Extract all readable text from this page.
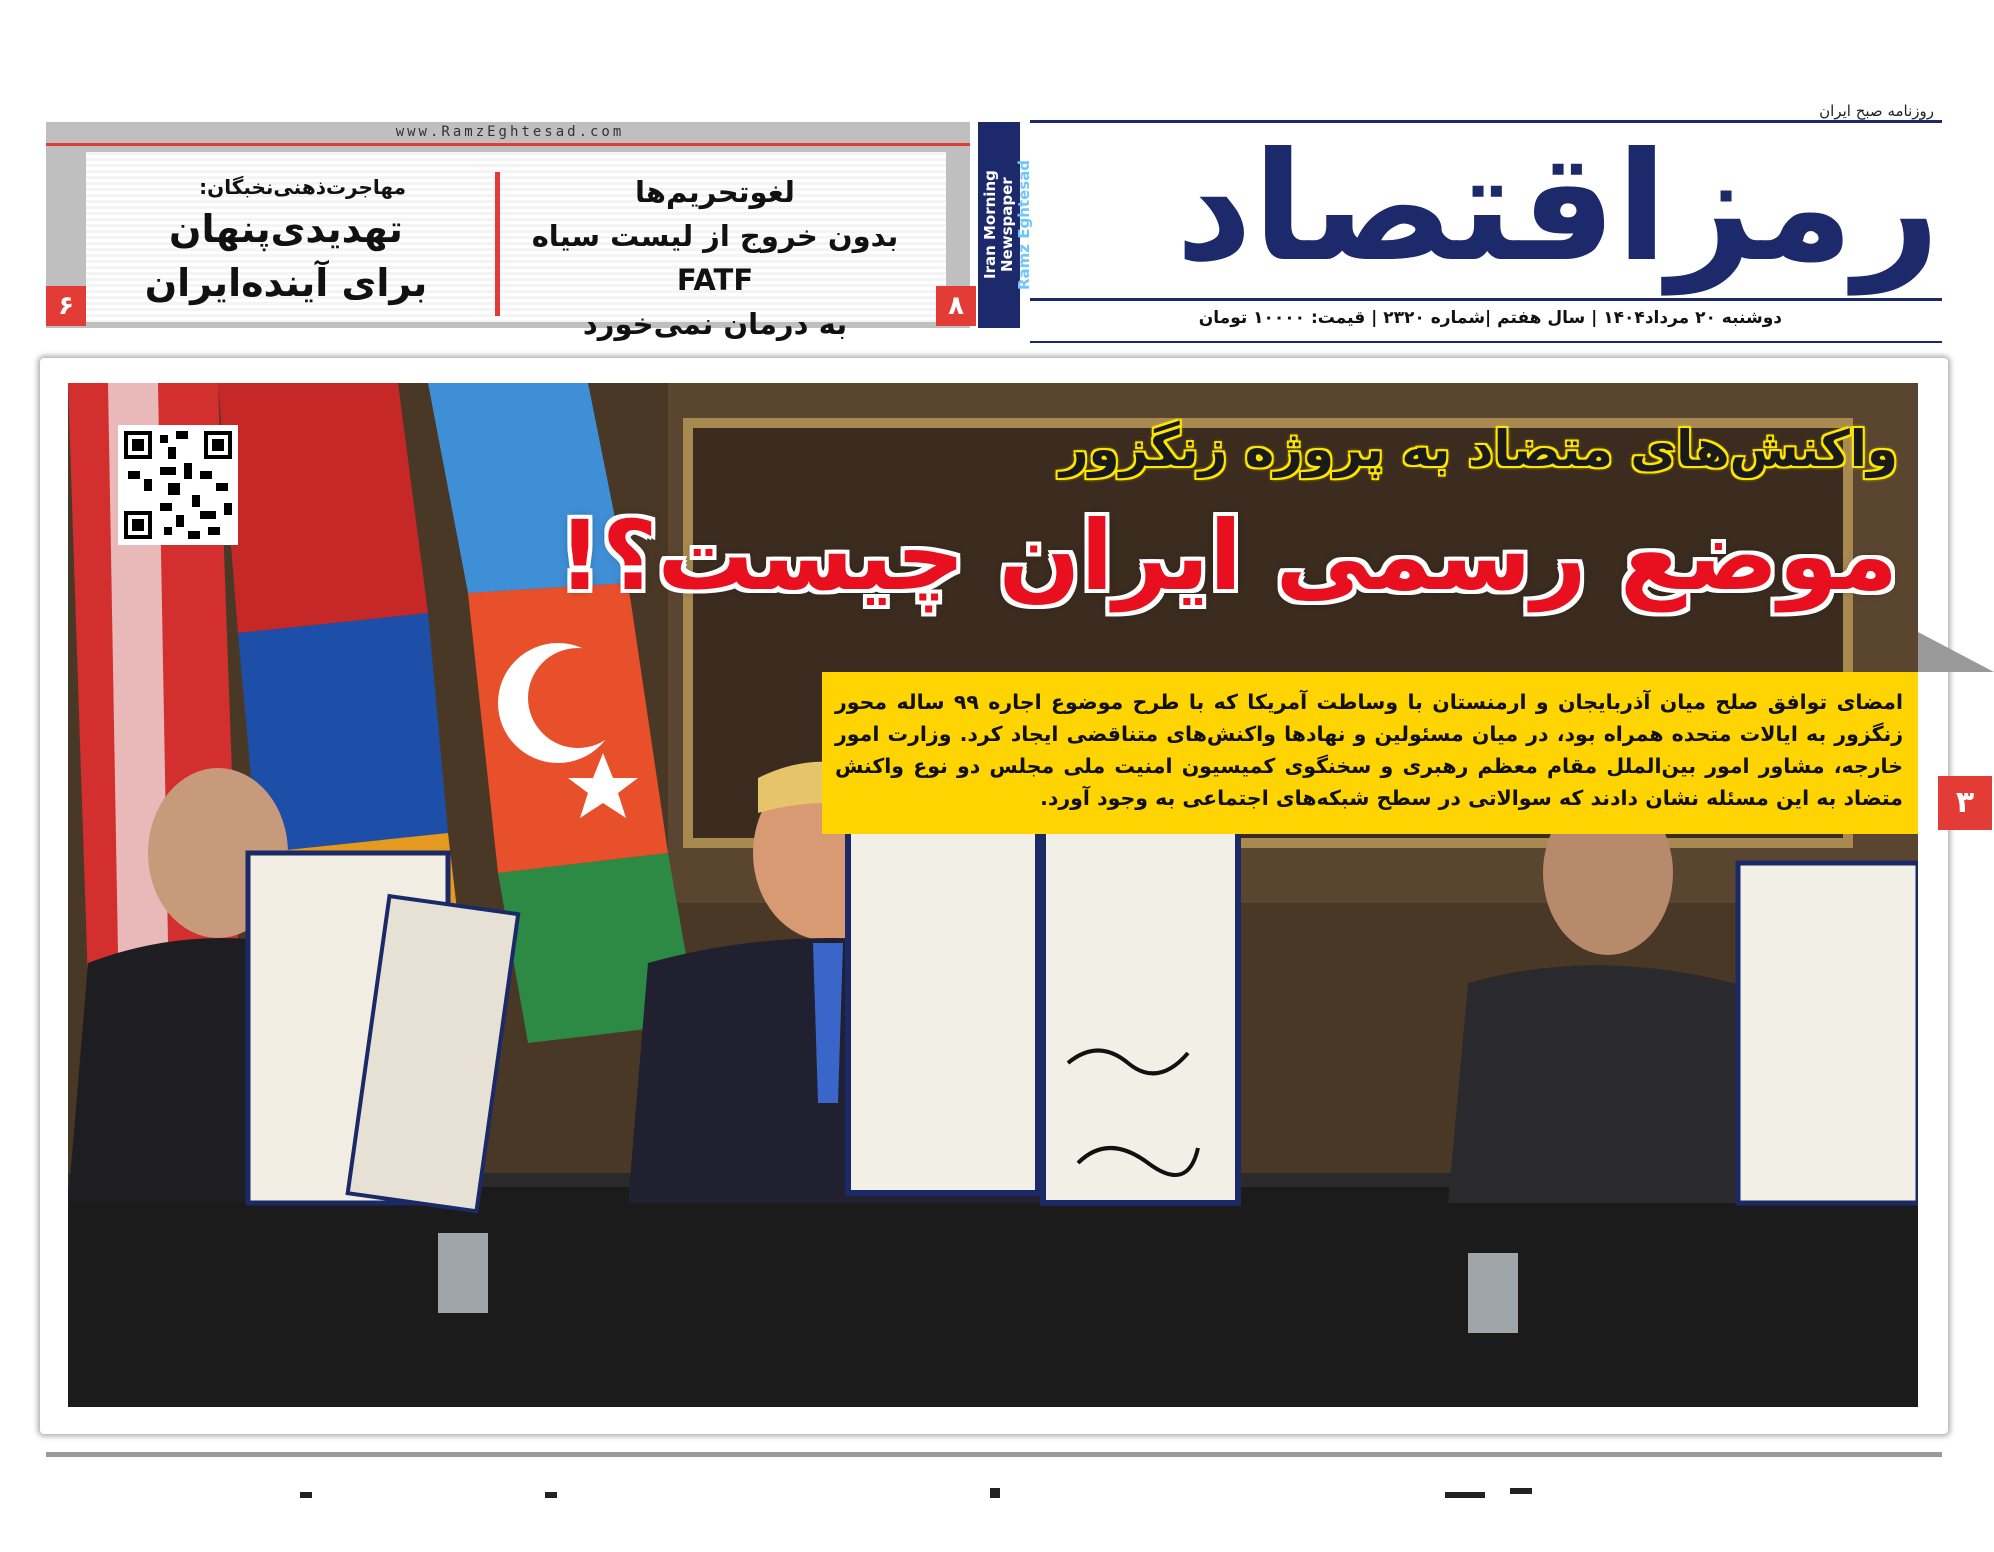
روزنامه صبح ایران
رمزاقتصاد
Iran Morning Newspaper Ramz Eghtesad
دوشنبه ۲۰ مرداد۱۴۰۴ | سال هفتم |شماره ۲۳۲۰ | قیمت: ۱۰۰۰۰ تومان
www.RamzEghtesad.com
لغوتحریم‌ها
بدون خروج از لیست سیاه FATF
به درمان نمی‌خورد
۸
مهاجرت‌ذهنی‌نخبگان:
تهدیدی‌پنهان
برای آینده‌ایران
۶
واکنش‌های متضاد به پروژه زنگزور
موضع رسمی ایران چیست؟!
امضای توافق صلح میان آذربایجان و ارمنستان با وساطت آمریکا که با طرح موضوع اجاره ۹۹ ساله محور زنگزور به ایالات متحده همراه بود، در میان مسئولین و نهادها واکنش‌های متناقضی ایجاد کرد. وزارت امور خارجه، مشاور امور بین‌الملل مقام معظم رهبری و سخنگوی کمیسیون امنیت ملی مجلس دو نوع واکنش متضاد به این مسئله نشان دادند که سوالاتی در سطح شبکه‌های اجتماعی به وجود آورد.	۳
